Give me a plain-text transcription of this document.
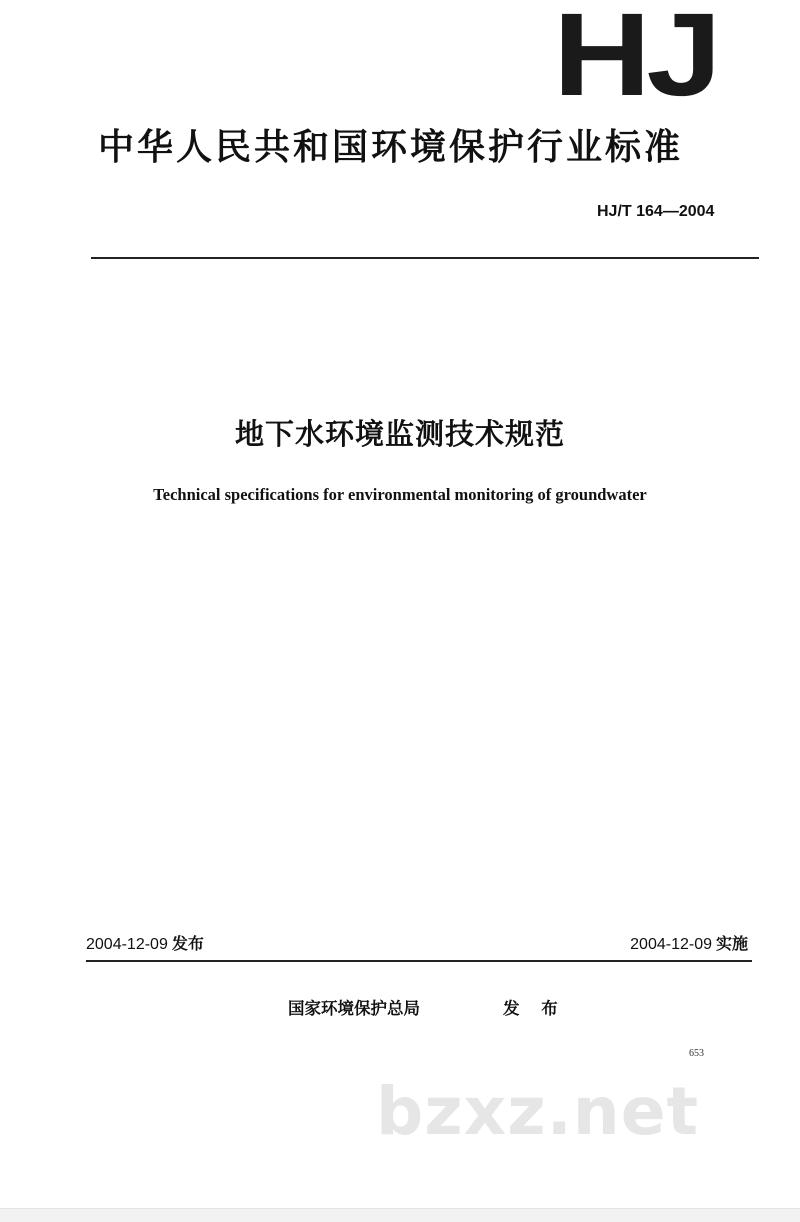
HJ
中华人民共和国环境保护行业标准
HJ/T 164—2004
地下水环境监测技术规范
Technical specifications for environmental monitoring of groundwater
2004-12-09 发布	2004-12-09 实施
国家环境保护总局	发 布
653
bzxz.net
